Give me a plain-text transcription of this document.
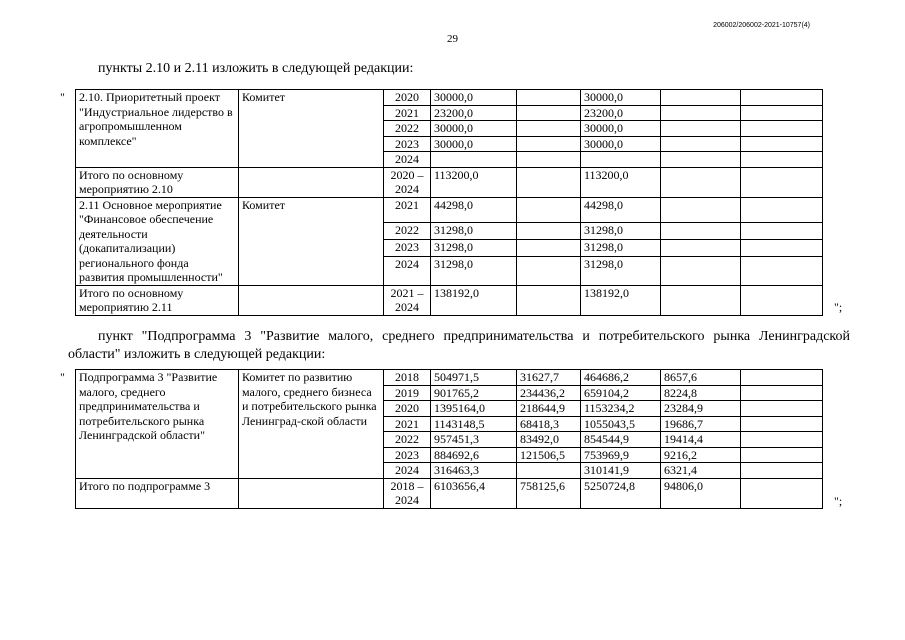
206002/206002-2021-10757(4)
29
пункты 2.10 и 2.11 изложить в следующей редакции:
" 2.10. Приоритетный проект "Индустриальное лидерство в агропромышленном комплексе"	Комитет	2020	30000,0		30000,0		
		2021	23200,0		23200,0		
		2022	30000,0		30000,0		
		2023	30000,0		30000,0		
		2024					
Итого по основному мероприятию 2.10		2020 – 2024	113200,0		113200,0		
2.11 Основное мероприятие "Финансовое обеспечение деятельности (докапитализации) регионального фонда развития промышленности"	Комитет	2021	44298,0		44298,0		
		2022	31298,0		31298,0		
		2023	31298,0		31298,0		
		2024	31298,0		31298,0		
Итого по основному мероприятию 2.11		2021 – 2024	138192,0		138192,0		
";
пункт "Подпрограмма 3 "Развитие малого, среднего предпринимательства и потребительского рынка Ленинградской области" изложить в следующей редакции:
" Подпрограмма 3 "Развитие малого, среднего предпринимательства и потребительского рынка Ленинградской области"	Комитет по развитию малого, среднего бизнеса и потребительского рынка Ленинград-ской области	2018	504971,5	31627,7	464686,2	8657,6	
		2019	901765,2	234436,2	659104,2	8224,8	
		2020	1395164,0	218644,9	1153234,2	23284,9	
		2021	1143148,5	68418,3	1055043,5	19686,7	
		2022	957451,3	83492,0	854544,9	19414,4	
		2023	884692,6	121506,5	753969,9	9216,2	
		2024	316463,3		310141,9	6321,4	
Итого по подпрограмме 3		2018 – 2024	6103656,4	758125,6	5250724,8	94806,0	
";
